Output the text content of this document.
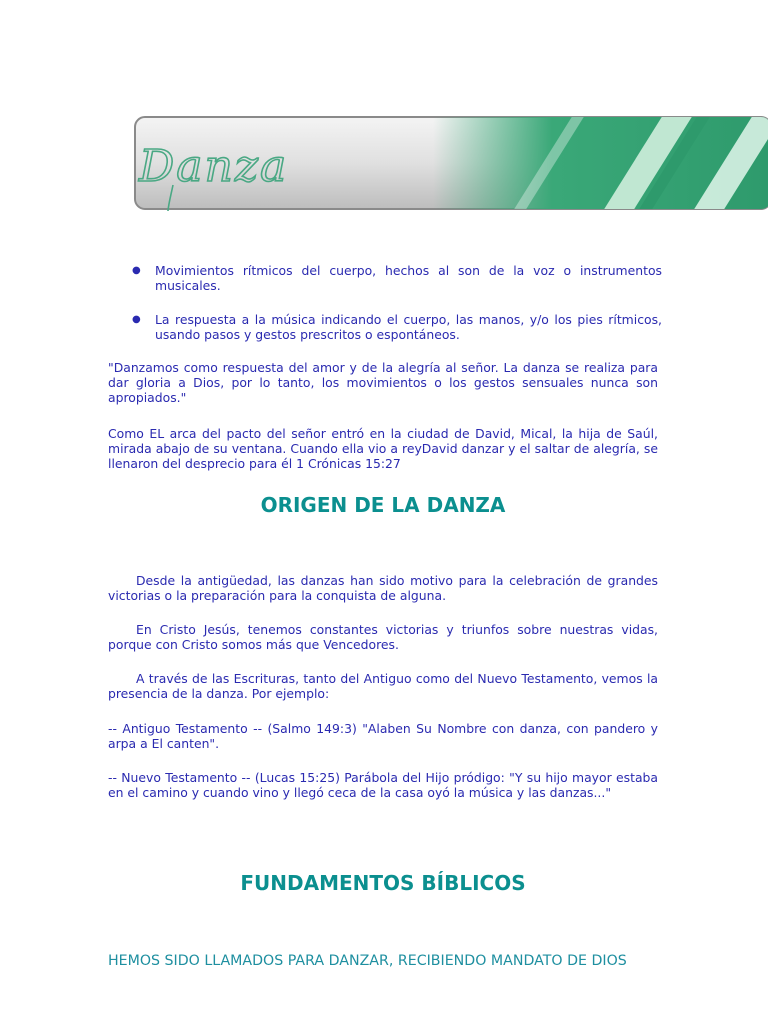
Danza
● Movimientos rítmicos del cuerpo, hechos al son de la voz o instrumentos musicales.
● La respuesta a la música indicando el cuerpo, las manos, y/o los pies rítmicos, usando pasos y gestos prescritos o espontáneos.

"Danzamos como respuesta del amor y de la alegría al señor. La danza se realiza para dar gloria a Dios, por lo tanto, los movimientos o los gestos sensuales nunca son apropiados."

Como EL arca del pacto del señor entró en la ciudad de David, Mical, la hija de Saúl, mirada abajo de su ventana. Cuando ella vio a reyDavid danzar y el saltar de alegría, se llenaron del desprecio para él 1 Crónicas 15:27

ORIGEN DE LA DANZA

Desde la antigüedad, las danzas han sido motivo para la celebración de grandes victorias o la preparación para la conquista de alguna.

En Cristo Jesús, tenemos constantes victorias y triunfos sobre nuestras vidas, porque con Cristo somos más que Vencedores.

A través de las Escrituras, tanto del Antiguo como del Nuevo Testamento, vemos la presencia de la danza. Por ejemplo:

-- Antiguo Testamento -- (Salmo 149:3) "Alaben Su Nombre con danza, con pandero y arpa a El canten".

-- Nuevo Testamento -- (Lucas 15:25) Parábola del Hijo pródigo: "Y su hijo mayor estaba en el camino y cuando vino y llegó ceca de la casa oyó la música y las danzas..."

FUNDAMENTOS BÍBLICOS
HEMOS SIDO LLAMADOS PARA DANZAR, RECIBIENDO MANDATO DE DIOS
